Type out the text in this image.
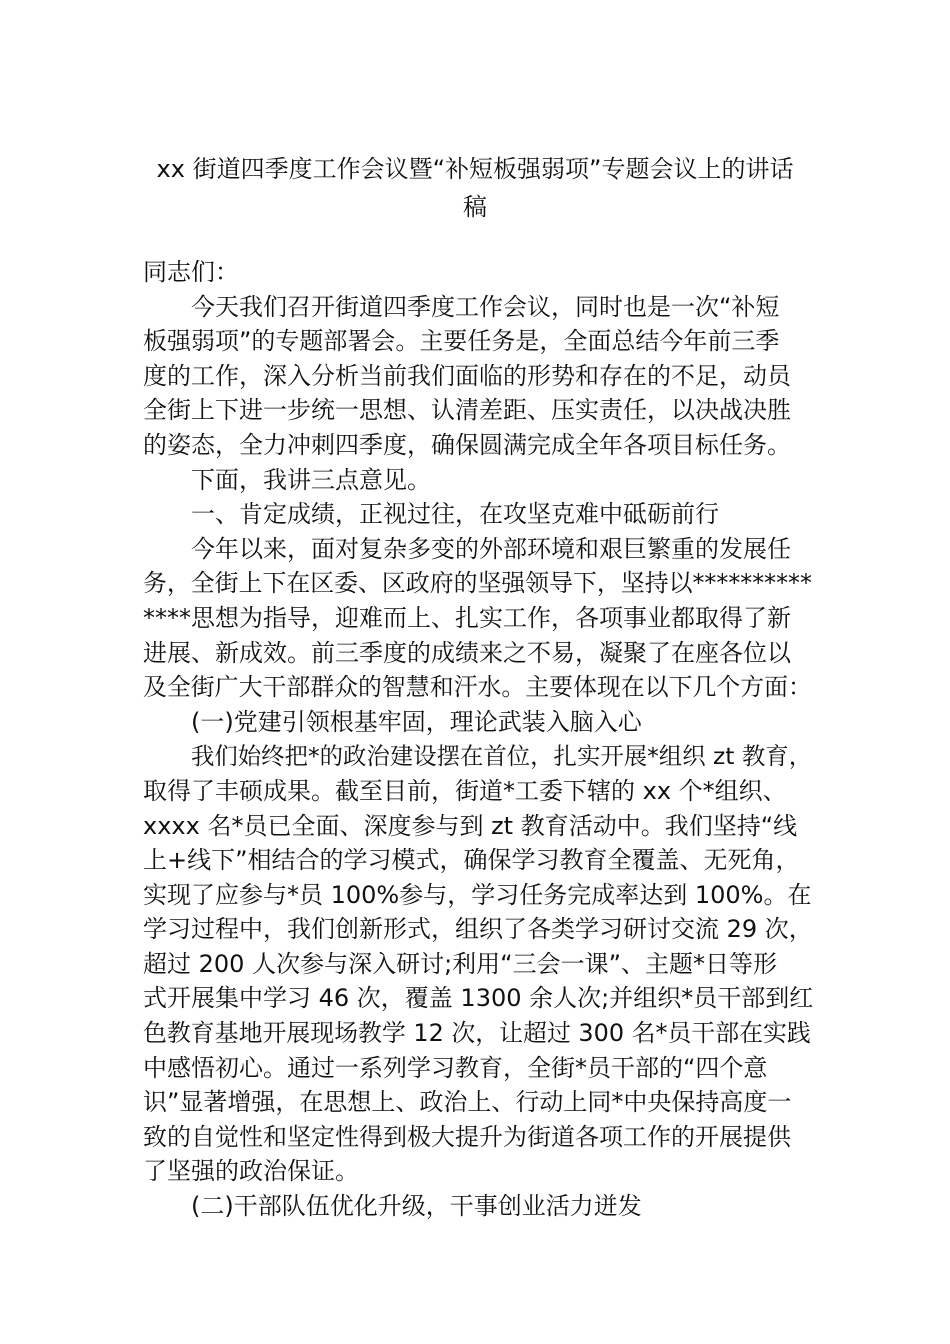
xx 街道四季度工作会议暨“补短板强弱项”专题会议上的讲话
稿
同志们：
今天我们召开街道四季度工作会议，同时也是一次“补短
板强弱项”的专题部署会。主要任务是，全面总结今年前三季
度的工作，深入分析当前我们面临的形势和存在的不足，动员
全街上下进一步统一思想、认清差距、压实责任，以决战决胜
的姿态，全力冲刺四季度，确保圆满完成全年各项目标任务。
下面，我讲三点意见。
一、肯定成绩，正视过往，在攻坚克难中砥砺前行
今年以来，面对复杂多变的外部环境和艰巨繁重的发展任
务，全街上下在区委、区政府的坚强领导下，坚持以**********
****思想为指导，迎难而上、扎实工作，各项事业都取得了新
进展、新成效。前三季度的成绩来之不易，凝聚了在座各位以
及全街广大干部群众的智慧和汗水。主要体现在以下几个方面：
(一)党建引领根基牢固，理论武装入脑入心
我们始终把*的政治建设摆在首位，扎实开展*组织 zt 教育，
取得了丰硕成果。截至目前，街道*工委下辖的 xx 个*组织、
xxxx 名*员已全面、深度参与到 zt 教育活动中。我们坚持“线
上+线下”相结合的学习模式，确保学习教育全覆盖、无死角，
实现了应参与*员 100%参与，学习任务完成率达到 100%。在
学习过程中，我们创新形式，组织了各类学习研讨交流 29 次，
超过 200 人次参与深入研讨;利用“三会一课”、主题*日等形
式开展集中学习 46 次，覆盖 1300 余人次;并组织*员干部到红
色教育基地开展现场教学 12 次，让超过 300 名*员干部在实践
中感悟初心。通过一系列学习教育，全街*员干部的“四个意
识”显著增强，在思想上、政治上、行动上同*中央保持高度一
致的自觉性和坚定性得到极大提升为街道各项工作的开展提供
了坚强的政治保证。
(二)干部队伍优化升级，干事创业活力迸发
